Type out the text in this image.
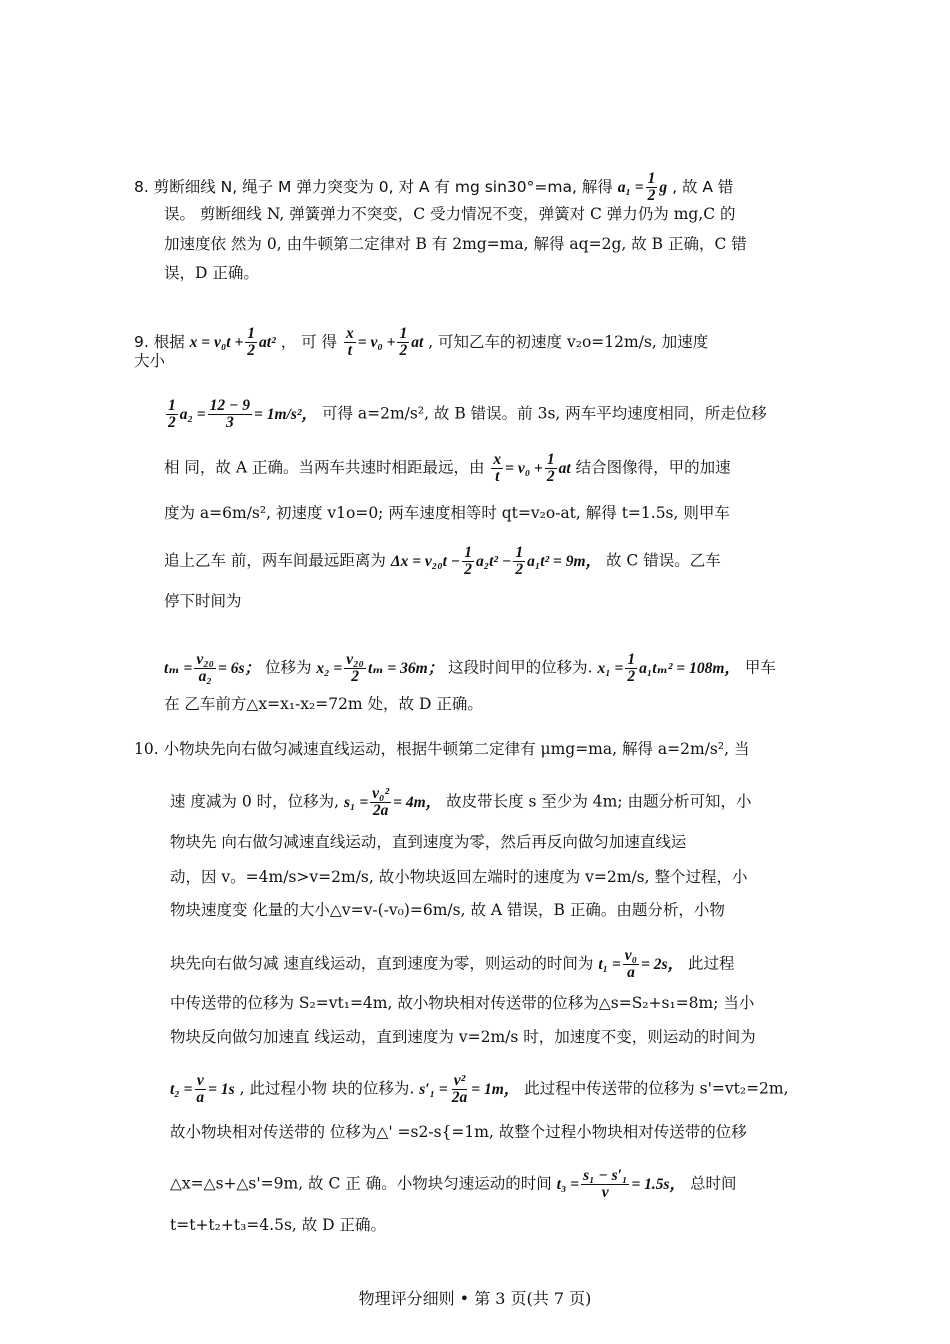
8. 剪断细线 N, 绳子 M 弹力突变为 0, 对 A 有 mg sin30°=ma, 解得 $a_1 = \frac{1}{2}$ g , 故 A 错
误。 剪断细线 N, 弹簧弹力不突变，C 受力情况不变，弹簧对 C 弹力仍为 mg,C 的
加速度依 然为 0, 由牛顿第二定律对 B 有 2mg=ma, 解得 aq=2g, 故 B 正确，C 错
误，D 正确。
9. 根据 $x = v_0t + \frac{1}{2} at^2$ ， 可 得 $\frac{x}{t} = v_0 + \frac{1}{2}$ at , 可知乙车的初速度 v₂o=12m/s, 加速度
大小
$\frac{1}{2} a_2 = \frac{12 - 9}{3} = 1m/s^2$， 可得 a=2m/s², 故 B 错误。前 3s, 两车平均速度相同，所走位移
相 同，故 A 正确。当两车共速时相距最远，由 $\frac{x}{t} = v_0 + \frac{1}{2}$ at 结合图像得，甲的加速
度为 a=6m/s², 初速度 v1o=0; 两车速度相等时 qt=v₂o-at, 解得 t=1.5s, 则甲车
追上乙车 前，两车间最远距离为 $\Delta x = v_{20}t - \frac{1}{2} a_2t^2 - \frac{1}{2} a_1t^2 = 9m$， 故 C 错误。乙车
停下时间为
$t_m = \frac{\text{v₂₀}}{\text{a₂}} = 6s$； 位移为 $x_2 = \frac{\text{v₂₀}}{2}$ tₘ = 36m； 这段时间甲的位移为. $x_1 = \frac{1}{2} a_1t_m^2 = 108m$， 甲车
在 乙车前方△x=x₁-x₂=72m 处，故 D 正确。
10. 小物块先向右做匀减速直线运动，根据牛顿第二定律有 μmg=ma, 解得 a=2m/s², 当
速 度减为 0 时，位移为, $s_1 = \frac{\text{v₀²}}{2a} = 4m$， 故皮带长度 s 至少为 4m; 由题分析可知，小
物块先 向右做匀减速直线运动，直到速度为零，然后再反向做匀加速直线运
动，因 v。=4m/s>v=2m/s, 故小物块返回左端时的速度为 v=2m/s, 整个过程，小
物块速度变 化量的大小△v=v-(-v₀)=6m/s, 故 A 错误，B 正确。由题分析，小物
块先向右做匀减 速直线运动，直到速度为零，则运动的时间为 $t_1 = \frac{\text{v₀}}{a} = 2s$， 此过程
中传送带的位移为 S₂=vt₁=4m, 故小物块相对传送带的位移为△s=S₂+s₁=8m; 当小
物块反向做匀加速直 线运动，直到速度为 v=2m/s 时，加速度不变，则运动的时间为
$t_2 = \frac{v}{a} = 1s$ , 此过程小物 块的位移为. $s'_1 = \frac{\text{v²}}{2a} = 1m$， 此过程中传送带的位移为 s'=vt₂=2m,
故小物块相对传送带的 位移为△' =s2-s{=1m, 故整个过程小物块相对传送带的位移
△x=△s+△s'=9m, 故 C 正 确。小物块匀速运动的时间 $t_3 = \frac{\text{s₁ − s′₁}}{v} = 1.5s$， 总时间
t=t+t₂+t₃=4.5s, 故 D 正确。
物理评分细则 • 第 3 页(共 7 页)
